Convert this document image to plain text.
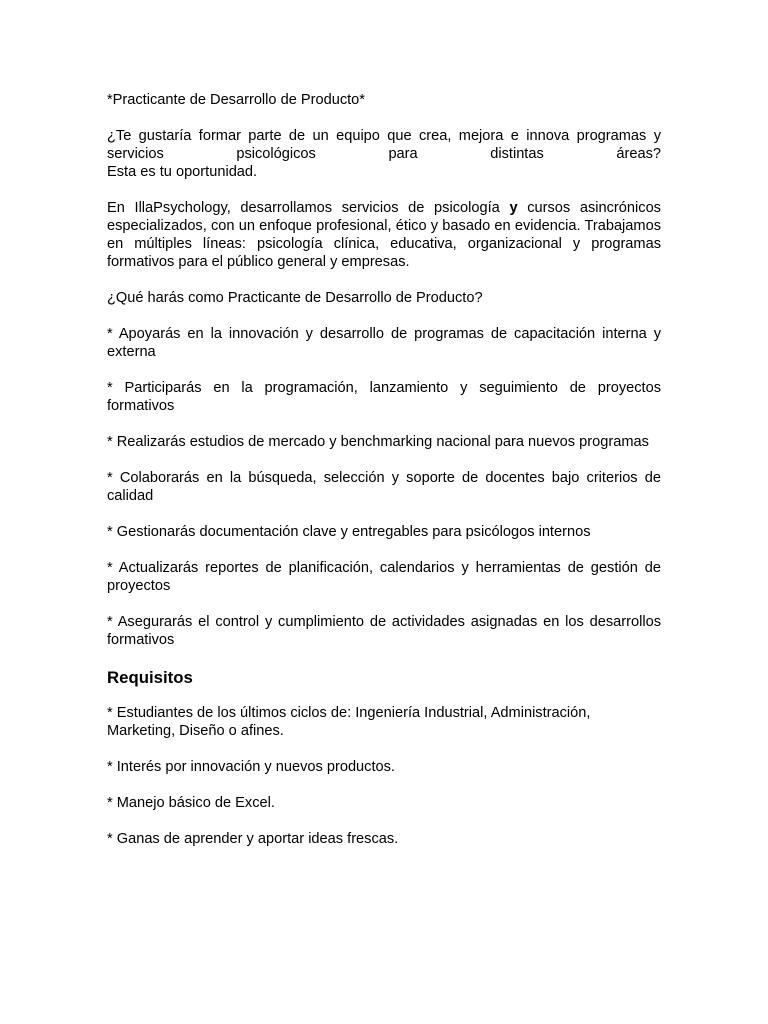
*Practicante de Desarrollo de Producto*

¿Te gustaría formar parte de un equipo que crea, mejora e innova programas y
servicios psicológicos para distintas áreas?
Esta es tu oportunidad.

En IllaPsychology, desarrollamos servicios de psicología y cursos asincrónicos especializados, con un enfoque profesional, ético y basado en evidencia. Trabajamos en múltiples líneas: psicología clínica, educativa, organizacional y programas formativos para el público general y empresas.

¿Qué harás como Practicante de Desarrollo de Producto?

* Apoyarás en la innovación y desarrollo de programas de capacitación interna y externa

* Participarás en la programación, lanzamiento y seguimiento de proyectos formativos

* Realizarás estudios de mercado y benchmarking nacional para nuevos programas

* Colaborarás en la búsqueda, selección y soporte de docentes bajo criterios de calidad

* Gestionarás documentación clave y entregables para psicólogos internos

* Actualizarás reportes de planificación, calendarios y herramientas de gestión de proyectos

* Asegurarás el control y cumplimiento de actividades asignadas en los desarrollos formativos

Requisitos

* Estudiantes de los últimos ciclos de: Ingeniería Industrial, Administración, Marketing, Diseño o afines.

* Interés por innovación y nuevos productos.

* Manejo básico de Excel.

* Ganas de aprender y aportar ideas frescas.
